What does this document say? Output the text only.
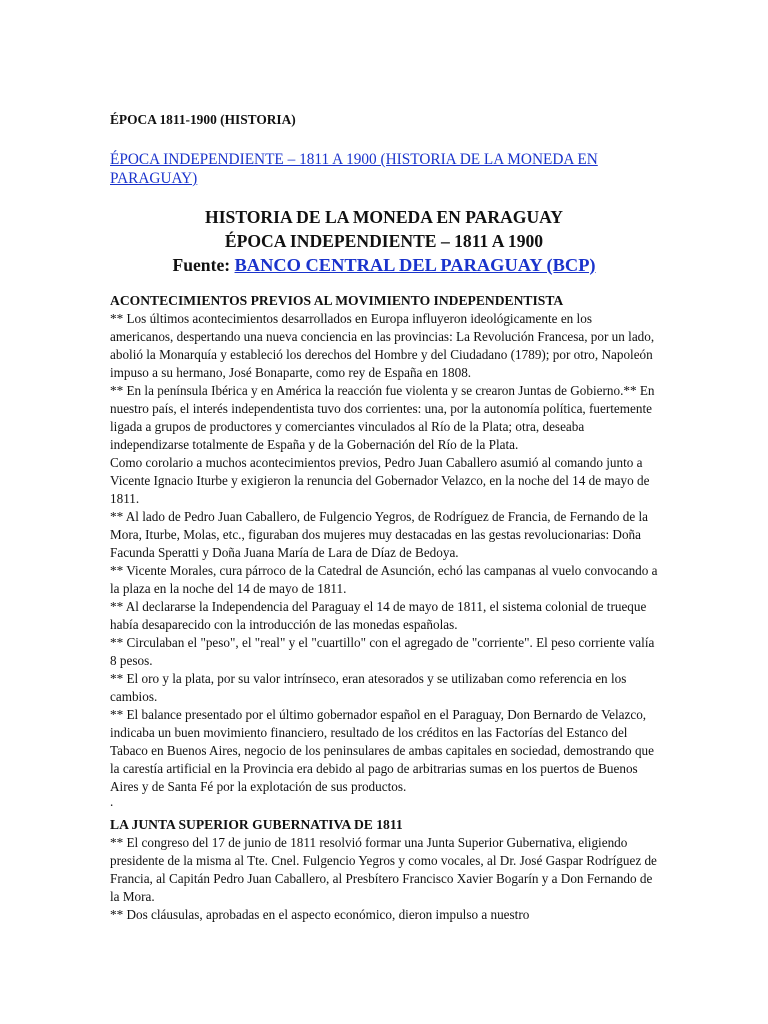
ÉPOCA 1811-1900 (HISTORIA)
ÉPOCA INDEPENDIENTE – 1811 A 1900 (HISTORIA DE LA MONEDA EN PARAGUAY)
HISTORIA DE LA MONEDA EN PARAGUAY
ÉPOCA INDEPENDIENTE – 1811 A 1900
Fuente: BANCO CENTRAL DEL PARAGUAY (BCP)
ACONTECIMIENTOS PREVIOS AL MOVIMIENTO INDEPENDENTISTA

** Los últimos acontecimientos desarrollados en Europa influyeron ideológicamente en los americanos, despertando una nueva conciencia en las provincias: La Revolución Francesa, por un lado, abolió la Monarquía y estableció los derechos del Hombre y del Ciudadano (1789); por otro, Napoleón impuso a su hermano, José Bonaparte, como rey de España en 1808.

** En la península Ibérica y en América la reacción fue violenta y se crearon Juntas de Gobierno.** En nuestro país, el interés independentista tuvo dos corrientes: una, por la autonomía política, fuertemente ligada a grupos de productores y comerciantes vinculados al Río de la Plata; otra, deseaba independizarse totalmente de España y de la Gobernación del Río de la Plata.

Como corolario a muchos acontecimientos previos, Pedro Juan Caballero asumió al comando junto a Vicente Ignacio Iturbe y exigieron la renuncia del Gobernador Velazco, en la noche del 14 de mayo de 1811.

** Al lado de Pedro Juan Caballero, de Fulgencio Yegros, de Rodríguez de Francia, de Fernando de la Mora, Iturbe, Molas, etc., figuraban dos mujeres muy destacadas en las gestas revolucionarias: Doña Facunda Speratti y Doña Juana María de Lara de Díaz de Bedoya.

** Vicente Morales, cura párroco de la Catedral de Asunción, echó las campanas al vuelo convocando a la plaza en la noche del 14 de mayo de 1811.

** Al declararse la Independencia del Paraguay el 14 de mayo de 1811, el sistema colonial de trueque había desaparecido con la introducción de las monedas españolas.

** Circulaban el "peso", el "real" y el "cuartillo" con el agregado de "corriente". El peso corriente valía 8 pesos.

** El oro y la plata, por su valor intrínseco, eran atesorados y se utilizaban como referencia en los cambios.

** El balance presentado por el último gobernador español en el Paraguay, Don Bernardo de Velazco, indicaba un buen movimiento financiero, resultado de los créditos en las Factorías del Estanco del Tabaco en Buenos Aires, negocio de los peninsulares de ambas capitales en sociedad, demostrando que la carestía artificial en la Provincia era debido al pago de arbitrarias sumas en los puertos de Buenos Aires y de Santa Fé por la explotación de sus productos.

.
LA JUNTA SUPERIOR GUBERNATIVA DE 1811

** El congreso del 17 de junio de 1811 resolvió formar una Junta Superior Gubernativa, eligiendo presidente de la misma al Tte. Cnel. Fulgencio Yegros y como vocales, al Dr. José Gaspar Rodríguez de Francia, al Capitán Pedro Juan Caballero, al Presbítero Francisco Xavier Bogarín y a Don Fernando de la Mora.

** Dos cláusulas, aprobadas en el aspecto económico, dieron impulso a nuestro
